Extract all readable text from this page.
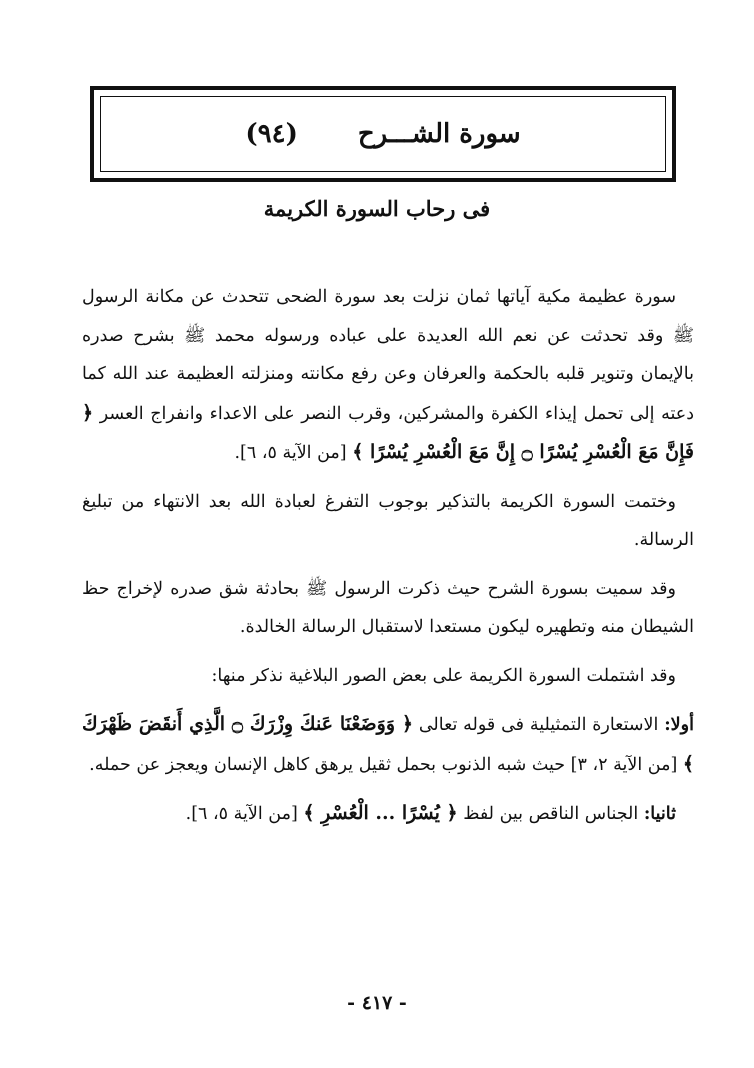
سورة الشـــرح
(٩٤)
فى رحاب السورة الكريمة

سورة عظيمة مكية آياتها ثمان نزلت بعد سورة الضحى تتحدث عن مكانة الرسول ﷺ وقد تحدثت عن نعم الله العديدة على عباده ورسوله محمد ﷺ بشرح صدره بالإيمان وتنوير قلبه بالحكمة والعرفان وعن رفع مكانته ومنزلته العظيمة عند الله كما دعته إلى تحمل إيذاء الكفرة والمشركين، وقرب النصر على الاعداء وانفراج العسر ﴿ فَإِنَّ مَعَ الْعُسْرِ يُسْرًا ۝ إِنَّ مَعَ الْعُسْرِ يُسْرًا ﴾ [من الآية ٥، ٦].

وختمت السورة الكريمة بالتذكير بوجوب التفرغ لعبادة الله بعد الانتهاء من تبليغ الرسالة.

وقد سميت بسورة الشرح حيث ذكرت الرسول ﷺ بحادثة شق صدره لإخراج حظ الشيطان منه وتطهيره ليكون مستعدا لاستقبال الرسالة الخالدة.

وقد اشتملت السورة الكريمة على بعض الصور البلاغية نذكر منها:

أولا: الاستعارة التمثيلية فى قوله تعالى ﴿ وَوَضَعْنَا عَنكَ وِزْرَكَ ۝ الَّذِي أَنقَضَ ظَهْرَكَ ﴾ [من الآية ٢، ٣] حيث شبه الذنوب بحمل ثقيل يرهق كاهل الإنسان ويعجز عن حمله.

ثانيا: الجناس الناقص بين لفظ ﴿ يُسْرًا ... الْعُسْرِ ﴾ [من الآية ٥، ٦].

- ٤١٧ -
